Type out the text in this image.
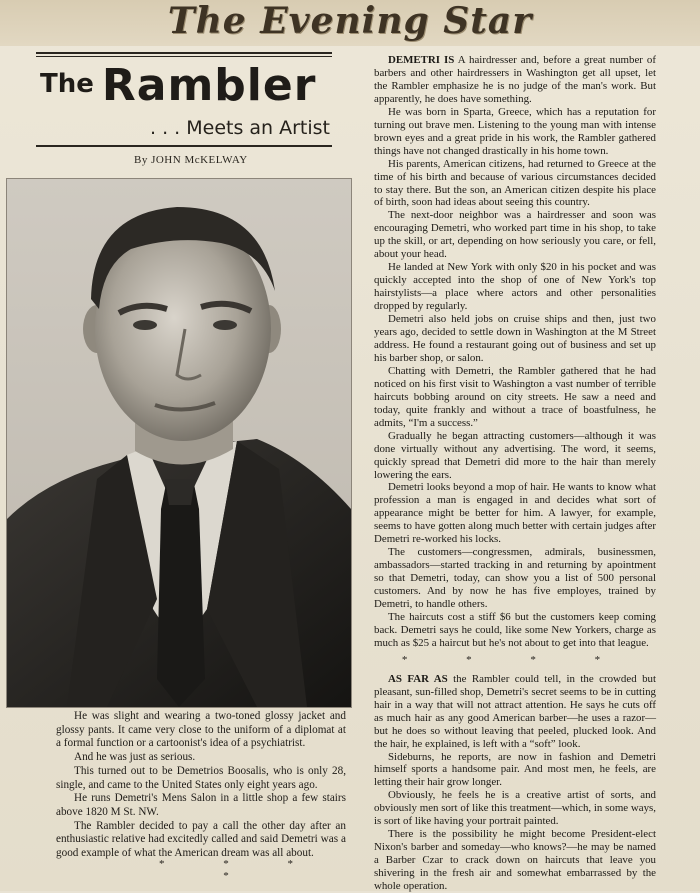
The Evening Star
The Rambler
. . . Meets an Artist
By JOHN McKELWAY

He was slight and wearing a two-toned glossy jacket and glossy pants. It came very close to the uniform of a diplomat at a formal function or a cartoonist's idea of a psychiatrist.

And he was just as serious.

This turned out to be Demetrios Boosalis, who is only 28, single, and came to the United States only eight years ago.

He runs Demetri's Mens Salon in a little shop a few stairs above 1820 M St. NW.

The Rambler decided to pay a call the other day after an enthusiastic relative had excitedly called and said Demetri was a good example of what the American dream was all about.

* * * *

DEMETRI IS A hairdresser and, before a great number of barbers and other hairdressers in Washington get all upset, let the Rambler emphasize he is no judge of the man's work. But apparently, he does have something.

He was born in Sparta, Greece, which has a reputation for turning out brave men. Listening to the young man with intense brown eyes and a great pride in his work, the Rambler gathered things have not changed drastically in his home town.

His parents, American citizens, had returned to Greece at the time of his birth and because of various circumstances decided to stay there. But the son, an American citizen despite his place of birth, soon had ideas about seeing this country.

The next-door neighbor was a hairdresser and soon was encouraging Demetri, who worked part time in his shop, to take up the skill, or art, depending on how seriously you care, or fell, about your head.

He landed at New York with only $20 in his pocket and was quickly accepted into the shop of one of New York's top hairstylists—a place where actors and other personalities dropped by regularly.

Demetri also held jobs on cruise ships and then, just two years ago, decided to settle down in Washington at the M Street address. He found a restaurant going out of business and set up his barber shop, or salon.

Chatting with Demetri, the Rambler gathered that he had noticed on his first visit to Washington a vast number of terrible haircuts bobbing around on city streets. He saw a need and today, quite frankly and without a trace of boastfulness, he admits, “I'm a success.”

Gradually he began attracting customers—although it was done virtually without any advertising. The word, it seems, quickly spread that Demetri did more to the hair than merely lowering the ears.

Demetri looks beyond a mop of hair. He wants to know what profession a man is engaged in and decides what sort of appearance might be better for him. A lawyer, for example, seems to have gotten along much better with certain judges after Demetri re-worked his locks.

The customers—congressmen, admirals, businessmen, ambassadors—started tracking in and returning by apointment so that Demetri, today, can show you a list of 500 personal customers. And by now he has five employes, trained by Demetri, to handle others.

The haircuts cost a stiff $6 but the customers keep coming back. Demetri says he could, like some New Yorkers, charge as much as $25 a haircut but he's not about to get into that league.

* * * *

AS FAR AS the Rambler could tell, in the crowded but pleasant, sun-filled shop, Demetri's secret seems to be in cutting hair in a way that will not attract attention. He says he cuts off as much hair as any good American barber—he uses a razor—but he does so without leaving that peeled, plucked look. And the hair, he explained, is left with a “soft” look.

Sideburns, he reports, are now in fashion and Demetri himself sports a handsome pair. And most men, he feels, are letting their hair grow longer.

Obviously, he feels he is a creative artist of sorts, and obviously men sort of like this treatment—which, in some ways, is sort of like having your portrait painted.

There is the possibility he might become President-elect Nixon's barber and someday—who knows?—he may be named a Barber Czar to crack down on haircuts that leave you shivering in the fresh air and somewhat embarrassed by the whole operation.
